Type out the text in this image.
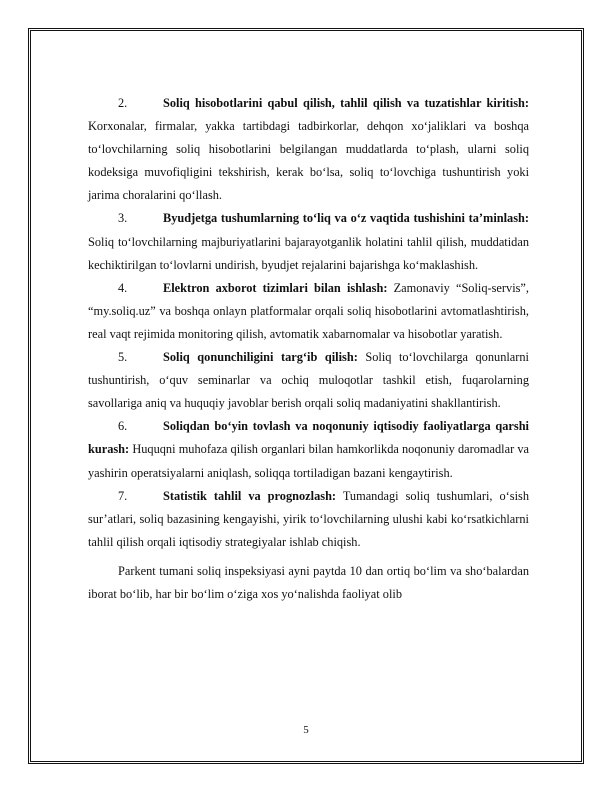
2.	Soliq hisobotlarini qabul qilish, tahlil qilish va tuzatishlar kiritish: Korxonalar, firmalar, yakka tartibdagi tadbirkorlar, dehqon xo‘jaliklari va boshqa to‘lovchilarning soliq hisobotlarini belgilangan muddatlarda to‘plash, ularni soliq kodeksiga muvofiqligini tekshirish, kerak bo‘lsa, soliq to‘lovchiga tushuntirish yoki jarima choralarini qo‘llash.

3.	Byudjetga tushumlarning to‘liq va o‘z vaqtida tushishini ta’minlash: Soliq to‘lovchilarning majburiyatlarini bajarayotganlik holatini tahlil qilish, muddatidan kechiktirilgan to‘lovlarni undirish, byudjet rejalarini bajarishga ko‘maklashish.

4.	Elektron axborot tizimlari bilan ishlash: Zamonaviy “Soliq-servis”, “my.soliq.uz” va boshqa onlayn platformalar orqali soliq hisobotlarini avtomatlashtirish, real vaqt rejimida monitoring qilish, avtomatik xabarnomalar va hisobotlar yaratish.

5.	Soliq qonunchiligini targ‘ib qilish: Soliq to‘lovchilarga qonunlarni tushuntirish, o‘quv seminarlar va ochiq muloqotlar tashkil etish, fuqarolarning savollariga aniq va huquqiy javoblar berish orqali soliq madaniyatini shakllantirish.

6.	Soliqdan bo‘yin tovlash va noqonuniy iqtisodiy faoliyatlarga qarshi kurash: Huquqni muhofaza qilish organlari bilan hamkorlikda noqonuniy daromadlar va yashirin operatsiyalarni aniqlash, soliqqa tortiladigan bazani kengaytirish.

7.	Statistik tahlil va prognozlash: Tumandagi soliq tushumlari, o‘sish sur’atlari, soliq bazasining kengayishi, yirik to‘lovchilarning ulushi kabi ko‘rsatkichlarni tahlil qilish orqali iqtisodiy strategiyalar ishlab chiqish.

Parkent tumani soliq inspeksiyasi ayni paytda 10 dan ortiq bo‘lim va sho‘balardan iborat bo‘lib, har bir bo‘lim o‘ziga xos yo‘nalishda faoliyat olib

5
